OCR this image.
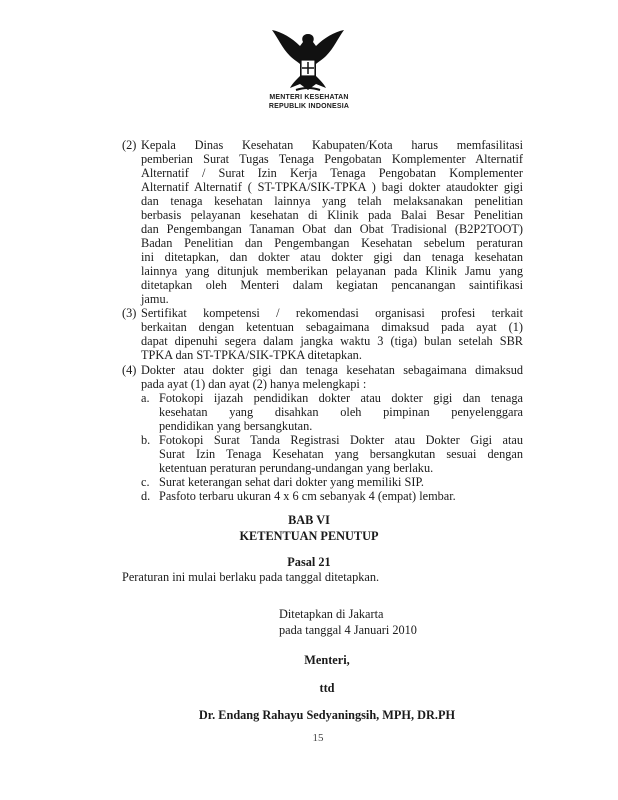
MENTERI KESEHATAN
REPUBLIK INDONESIA
(2) Kepala Dinas Kesehatan Kabupaten/Kota harus memfasilitasi
pemberian Surat Tugas Tenaga Pengobatan Komplementer Alternatif
Alternatif / Surat Izin Kerja Tenaga Pengobatan Komplementer
Alternatif Alternatif ( ST-TPKA/SIK-TPKA ) bagi dokter ataudokter gigi
dan tenaga kesehatan lainnya yang telah melaksanakan penelitian
berbasis pelayanan kesehatan di Klinik pada Balai Besar Penelitian
dan Pengembangan Tanaman Obat dan Obat Tradisional (B2P2TOOT)
Badan Penelitian dan Pengembangan Kesehatan sebelum peraturan
ini ditetapkan, dan dokter atau dokter gigi dan tenaga kesehatan
lainnya yang ditunjuk memberikan pelayanan pada Klinik Jamu yang
ditetapkan oleh Menteri dalam kegiatan pencanangan saintifikasi
jamu.
(3) Sertifikat kompetensi / rekomendasi organisasi profesi terkait
berkaitan dengan ketentuan sebagaimana dimaksud pada ayat (1)
dapat dipenuhi segera dalam jangka waktu 3 (tiga) bulan setelah SBR
TPKA dan ST-TPKA/SIK-TPKA ditetapkan.
(4) Dokter atau dokter gigi dan tenaga kesehatan sebagaimana dimaksud
pada ayat (1) dan ayat (2) hanya melengkapi :
a. Fotokopi ijazah pendidikan dokter atau dokter gigi dan tenaga
kesehatan yang disahkan oleh pimpinan penyelenggara
pendidikan yang bersangkutan.
b. Fotokopi Surat Tanda Registrasi Dokter atau Dokter Gigi atau
Surat Izin Tenaga Kesehatan yang bersangkutan sesuai dengan
ketentuan peraturan perundang-undangan yang berlaku.
c. Surat keterangan sehat dari dokter yang memiliki SIP.
d. Pasfoto terbaru ukuran 4 x 6 cm sebanyak 4 (empat) lembar.
BAB VI
KETENTUAN PENUTUP
Pasal 21
Peraturan ini mulai berlaku pada tanggal ditetapkan.
Ditetapkan di Jakarta
pada tanggal 4 Januari 2010
Menteri,
ttd
Dr. Endang Rahayu Sedyaningsih, MPH, DR.PH
15
